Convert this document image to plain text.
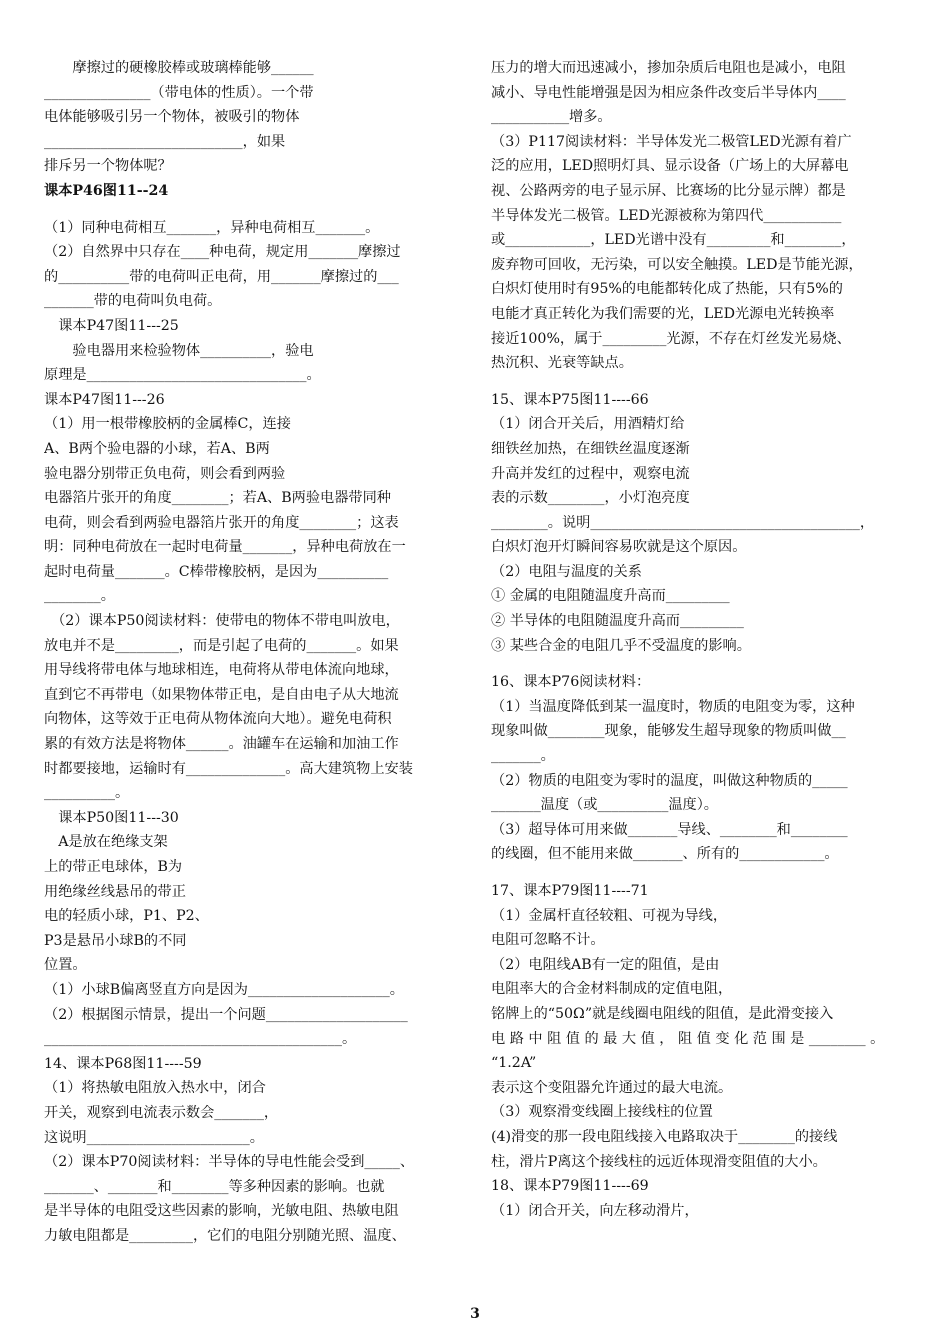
　　摩擦过的硬橡胶棒或玻璃棒能够______
_______________（带电体的性质）。一个带
电体能够吸引另一个物体，被吸引的物体
____________________________，如果
排斥另一个物体呢？
课本P46图11--24
（1）同种电荷相互_______，异种电荷相互_______。
（2）自然界中只存在____种电荷，规定用_______摩擦过
的__________带的电荷叫正电荷，用_______摩擦过的___
_______带的电荷叫负电荷。
　课本P47图11---25
　　验电器用来检验物体__________，验电
原理是_______________________________。
课本P47图11---26
（1）用一根带橡胶柄的金属棒C，连接
A、B两个验电器的小球，若A、B两
验电器分别带正负电荷，则会看到两验
电器箔片张开的角度________；若A、B两验电器带同种
电荷，则会看到两验电器箔片张开的角度________；这表
明：同种电荷放在一起时电荷量_______，异种电荷放在一
起时电荷量_______。C棒带橡胶柄，是因为__________
________。
　（2）课本P50阅读材料：使带电的物体不带电叫放电，
放电并不是_________，而是引起了电荷的_______。如果
用导线将带电体与地球相连，电荷将从带电体流向地球，
直到它不再带电（如果物体带正电，是自由电子从大地流
向物体，这等效于正电荷从物体流向大地）。避免电荷积
累的有效方法是将物体______。油罐车在运输和加油工作
时都要接地，运输时有______________。高大建筑物上安装
__________。
　课本P50图11---30
　A是放在绝缘支架
上的带正电球体，B为
用绝缘丝线悬吊的带正
电的轻质小球，P1、P2、
P3是悬吊小球B的不同
位置。
（1）小球B偏离竖直方向是因为____________________。
（2）根据图示情景，提出一个问题____________________
__________________________________________。
14、课本P68图11----59
（1）将热敏电阻放入热水中，闭合
开关，观察到电流表示数会_______，
这说明_______________________。
（2）课本P70阅读材料：半导体的导电性能会受到_____、
_______、_______和________等多种因素的影响。也就
是半导体的电阻受这些因素的影响，光敏电阻、热敏电阻
力敏电阻都是_________，它们的电阻分别随光照、温度、
压力的增大而迅速减小，掺加杂质后电阻也是减小，电阻
减小、导电性能增强是因为相应条件改变后半导体内____
___________增多。
（3）P117阅读材料：半导体发光二极管LED光源有着广
泛的应用，LED照明灯具、显示设备（广场上的大屏幕电
视、公路两旁的电子显示屏、比赛场的比分显示牌）都是
半导体发光二极管。LED光源被称为第四代___________
或____________，LED光谱中没有_________和________，
废弃物可回收，无污染，可以安全触摸。LED是节能光源，
白炽灯使用时有95%的电能都转化成了热能，只有5%的
电能才真正转化为我们需要的光，LED光源电光转换率
接近100%，属于_________光源，不存在灯丝发光易烧、
热沉积、光衰等缺点。
15、课本P75图11----66
（1）闭合开关后，用酒精灯给
细铁丝加热，在细铁丝温度逐渐
升高并发红的过程中，观察电流
表的示数________，小灯泡亮度
________。说明______________________________________，
白炽灯泡开灯瞬间容易吹就是这个原因。
（2）电阻与温度的关系
① 金属的电阻随温度升高而_________
② 半导体的电阻随温度升高而_________
③ 某些合金的电阻几乎不受温度的影响。
16、课本P76阅读材料：
（1）当温度降低到某一温度时，物质的电阻变为零，这种
现象叫做________现象，能够发生超导现象的物质叫做__
_______。
（2）物质的电阻变为零时的温度，叫做这种物质的_____
_______温度（或__________温度）。
（3）超导体可用来做_______导线、________和________
的线圈，但不能用来做_______、所有的____________。
17、课本P79图11----71
（1）金属杆直径较粗、可视为导线，
电阻可忽略不计。
（2）电阻线AB有一定的阻值，是由
电阻率大的合金材料制成的定值电阻，
铭牌上的“50Ω”就是线圈电阻线的阻值，是此滑变接入
电 路 中 阻 值 的 最 大 值 ， 阻 值 变 化 范 围 是 ________ 。
“1.2A”
表示这个变阻器允许通过的最大电流。
（3）观察滑变线圈上接线柱的位置
(4)滑变的那一段电阻线接入电路取决于________的接线
柱，滑片P离这个接线柱的远近体现滑变阻值的大小。
18、课本P79图11----69
（1）闭合开关，向左移动滑片，
3
